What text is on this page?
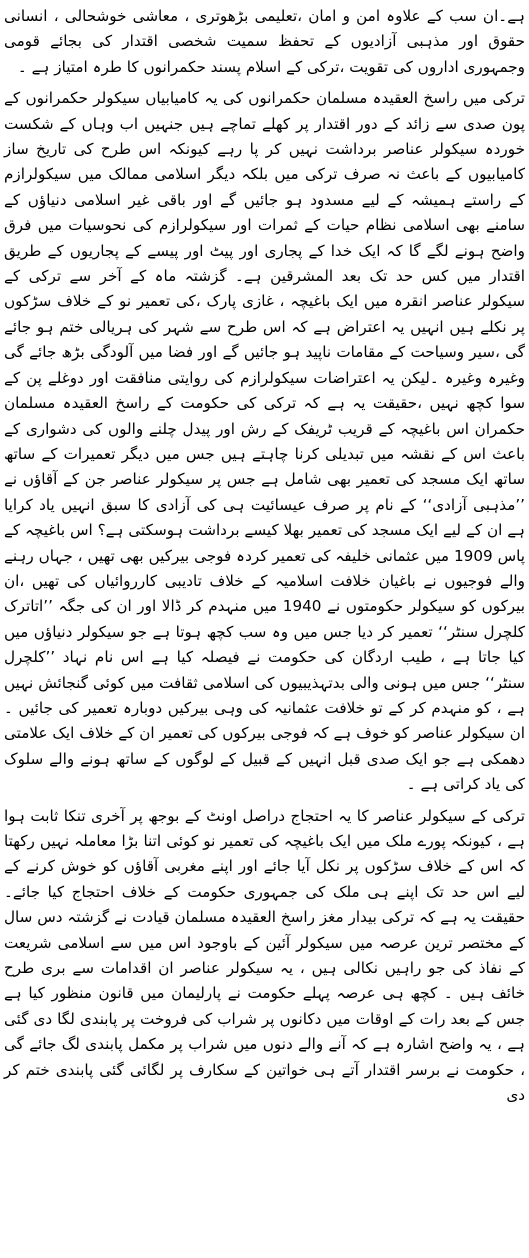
ہے۔ان سب کے علاوہ امن و امان ،تعلیمی بڑھوتری ، معاشی خوشحالی ، انسانی حقوق اور مذہبی آزادیوں کے تحفظ سمیت شخصی اقتدار کی بجائے قومی وجمہوری اداروں کی تقویت ،ترکی کے اسلام پسند حکمرانوں کا طرہ امتیاز ہے ۔

ترکی میں راسخ العقیدہ مسلمان حکمرانوں کی یہ کامیابیاں سیکولر حکمرانوں کے پون صدی سے زائد کے دور اقتدار پر کھلے تماچے ہیں جنہیں اب وہاں کے شکست خوردہ سیکولر عناصر برداشت نہیں کر پا رہے کیونکہ اس طرح کی تاریخ ساز کامیابیوں کے باعث نہ صرف ترکی میں بلکہ دیگر اسلامی ممالک میں سیکولرازم کے راستے ہمیشہ کے لیے مسدود ہو جائیں گے اور باقی غیر اسلامی دنیاؤں کے سامنے بھی اسلامی نظام حیات کے ثمرات اور سیکولرازم کی نحوسیات میں فرق واضح ہونے لگے گا کہ ایک خدا کے پجاری اور پیٹ اور پیسے کے پجاریوں کے طریق اقتدار میں کس حد تک بعد المشرقین ہے۔ گزشتہ ماہ کے آخر سے ترکی کے سیکولر عناصر انقرہ میں ایک باغیچہ ، غازی پارک ،کی تعمیر نو کے خلاف سڑکوں پر نکلے ہیں انہیں یہ اعتراض ہے کہ اس طرح سے شہر کی ہریالی ختم ہو جائے گی ،سیر وسیاحت کے مقامات ناپید ہو جائیں گے اور فضا میں آلودگی بڑھ جائے گی وغیرہ وغیرہ ۔لیکن یہ اعتراضات سیکولرازم کی روایتی منافقت اور دوغلے پن کے سوا کچھ نہیں ،حقیقت یہ ہے کہ ترکی کی حکومت کے راسخ العقیدہ مسلمان حکمران اس باغیچہ کے قریب ٹریفک کے رش اور پیدل چلنے والوں کی دشواری کے باعث اس کے نقشہ میں تبدیلی کرنا چاہتے ہیں جس میں دیگر تعمیرات کے ساتھ ساتھ ایک مسجد کی تعمیر بھی شامل ہے جس پر سیکولر عناصر جن کے آقاؤں نے ’’مذہبی آزادی‘‘ کے نام پر صرف عیسائیت ہی کی آزادی کا سبق انہیں یاد کرایا ہے ان کے لیے ایک مسجد کی تعمیر بھلا کیسے برداشت ہوسکتی ہے؟ اس باغیچہ کے پاس 1909 میں عثمانی خلیفہ کی تعمیر کردہ فوجی بیرکیں بھی تھیں ، جہاں رہنے والے فوجیوں نے باغیان خلافت اسلامیہ کے خلاف تادیبی کارروائیاں کی تھیں ،ان بیرکوں کو سیکولر حکومتوں نے 1940 میں منہدم کر ڈالا اور ان کی جگہ ’’اتاترک کلچرل سنٹر‘‘ تعمیر کر دیا جس میں وہ سب کچھ ہوتا ہے جو سیکولر دنیاؤں میں کیا جاتا ہے ، طیب اردگان کی حکومت نے فیصلہ کیا ہے اس نام نہاد ’’کلچرل سنٹر‘‘ جس میں ہونی والی بدتہذیبیوں کی اسلامی ثقافت میں کوئی گنجائش نہیں ہے ، کو منہدم کر کے تو خلافت عثمانیہ کی وہی بیرکیں دوبارہ تعمیر کی جائیں ۔ ان سیکولر عناصر کو خوف ہے کہ فوجی بیرکوں کی تعمیر ان کے خلاف ایک علامتی دھمکی ہے جو ایک صدی قبل انہیں کے قبیل کے لوگوں کے ساتھ ہونے والے سلوک کی یاد کراتی ہے ۔

ترکی کے سیکولر عناصر کا یہ احتجاج دراصل اونٹ کے بوجھ پر آخری تنکا ثابت ہوا ہے ، کیونکہ پورے ملک میں ایک باغیچہ کی تعمیر نو کوئی اتنا بڑا معاملہ نہیں رکھتا کہ اس کے خلاف سڑکوں پر نکل آیا جائے اور اپنے مغربی آقاؤں کو خوش کرنے کے لیے اس حد تک اپنے ہی ملک کی جمہوری حکومت کے خلاف احتجاج کیا جائے۔ حقیقت یہ ہے کہ ترکی بیدار مغز راسخ العقیدہ مسلمان قیادت نے گزشتہ دس سال کے مختصر ترین عرصہ میں سیکولر آئین کے باوجود اس میں سے اسلامی شریعت کے نفاذ کی جو راہیں نکالی ہیں ، یہ سیکولر عناصر ان اقدامات سے بری طرح خائف ہیں ۔ کچھ ہی عرصہ پہلے حکومت نے پارلیمان میں قانون منظور کیا ہے جس کے بعد رات کے اوقات میں دکانوں پر شراب کی فروخت پر پابندی لگا دی گئی ہے ، یہ واضح اشارہ ہے کہ آنے والے دنوں میں شراب پر مکمل پابندی لگ جائے گی ، حکومت نے برسر اقتدار آتے ہی خواتین کے سکارف پر لگائی گئی پابندی ختم کر دی
